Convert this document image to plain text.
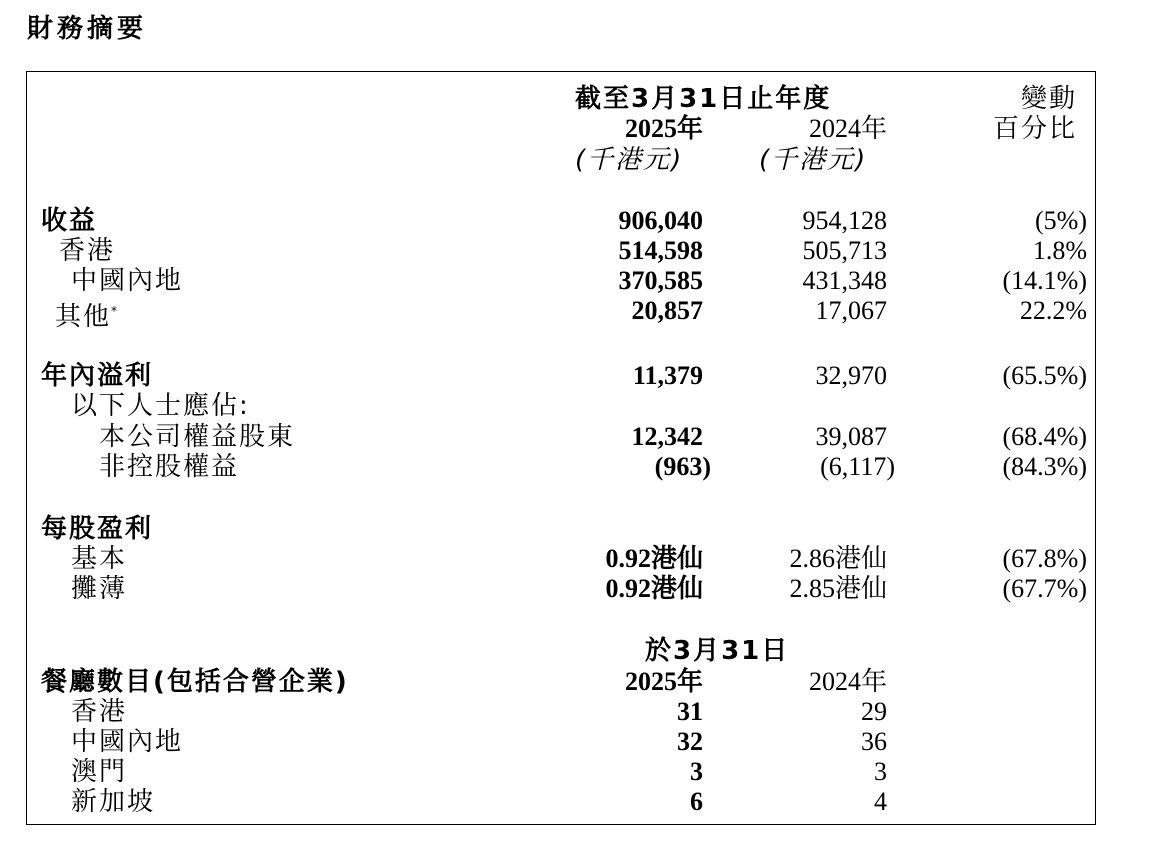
財務摘要
截至3月31日止年度
2025年	2024年
(千港元)	(千港元)
變動
百分比
收益	906,040	954,128	(5%)
香港	514,598	505,713	1.8%
中國內地	370,585	431,348	(14.1%)
其他*	20,857	17,067	22.2%
年內溢利	11,379	32,970	(65.5%)
以下人士應佔:
本公司權益股東	12,342	39,087	(68.4%)
非控股權益	(963)	(6,117)	(84.3%)
每股盈利
基本	0.92港仙	2.86港仙	(67.8%)
攤薄	0.92港仙	2.85港仙	(67.7%)
於3月31日
餐廳數目(包括合營企業)	2025年	2024年
香港	31	29
中國內地	32	36
澳門	3	3
新加坡	6	4
